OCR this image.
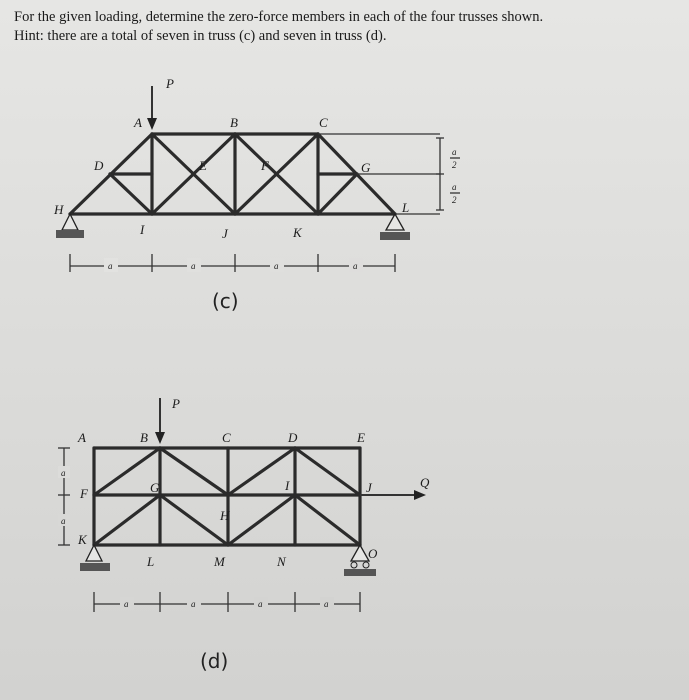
For the given loading, determine the zero-force members in each of the four trusses shown.

Hint: there are a total of seven in truss (c) and seven in truss (d).

a
2
a
2
P
A	B	C
D	E	F	G
H
I	J	K
L
a	a	a	a
(c)
P
Q
a
a
A	B	C	D	E
F	G
H
I	J
K
L	M	N
O
a	a	a	a
(d)
